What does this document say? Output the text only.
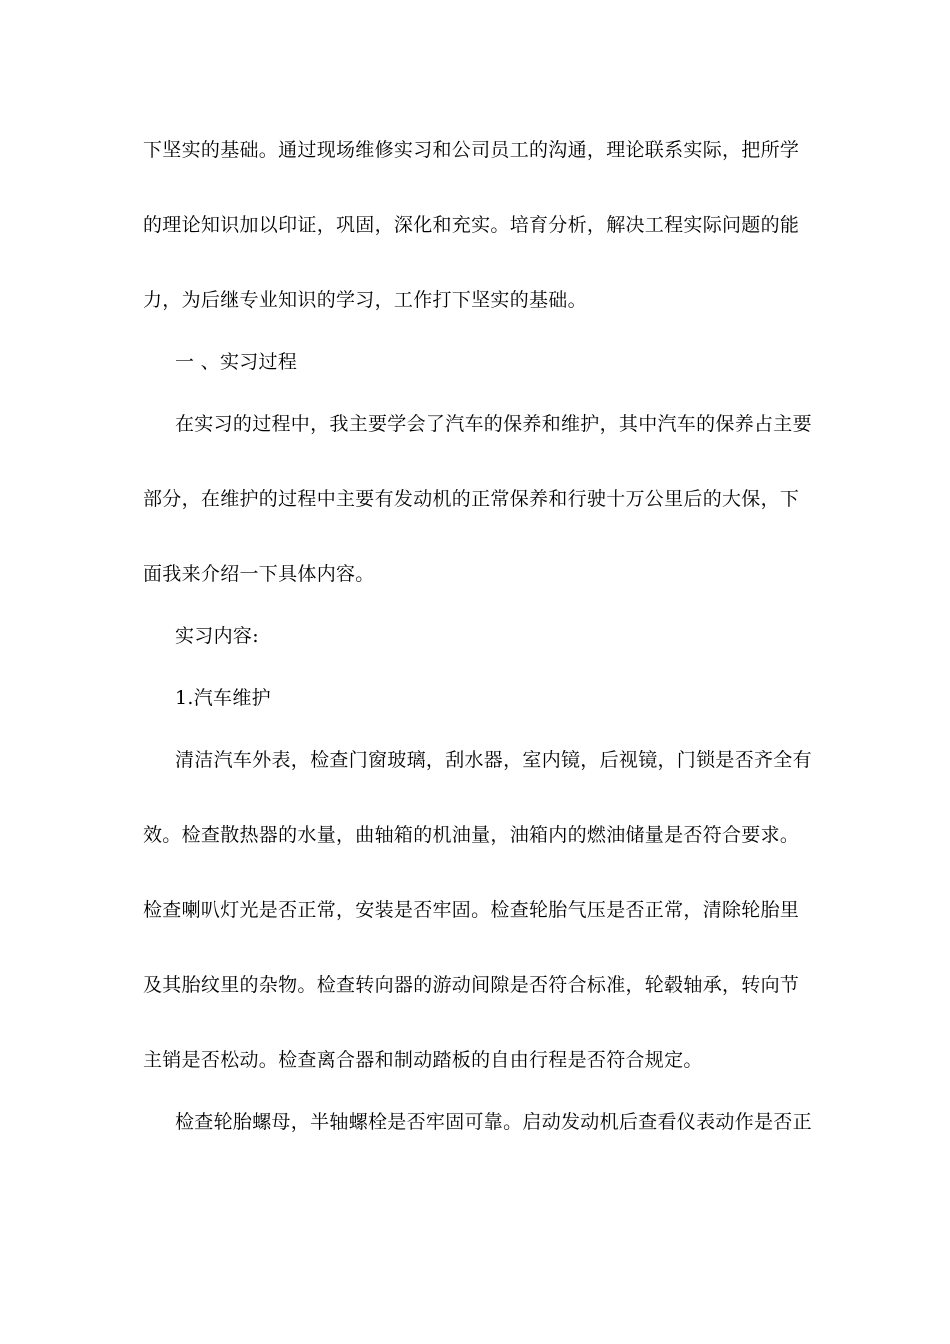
下坚实的基础。通过现场维修实习和公司员工的沟通，理论联系实际，把所学
的理论知识加以印证，巩固，深化和充实。培育分析，解决工程实际问题的能
力，为后继专业知识的学习，工作打下坚实的基础。
一 、实习过程
在实习的过程中，我主要学会了汽车的保养和维护，其中汽车的保养占主要
部分，在维护的过程中主要有发动机的正常保养和行驶十万公里后的大保，下
面我来介绍一下具体内容。
实习内容:
1.汽车维护
清洁汽车外表，检查门窗玻璃，刮水器，室内镜，后视镜，门锁是否齐全有
效。检查散热器的水量，曲轴箱的机油量，油箱内的燃油储量是否符合要求。
检查喇叭灯光是否正常，安装是否牢固。检查轮胎气压是否正常，清除轮胎里
及其胎纹里的杂物。检查转向器的游动间隙是否符合标准，轮毂轴承，转向节
主销是否松动。检查离合器和制动踏板的自由行程是否符合规定。
检查轮胎螺母，半轴螺栓是否牢固可靠。启动发动机后查看仪表动作是否正
